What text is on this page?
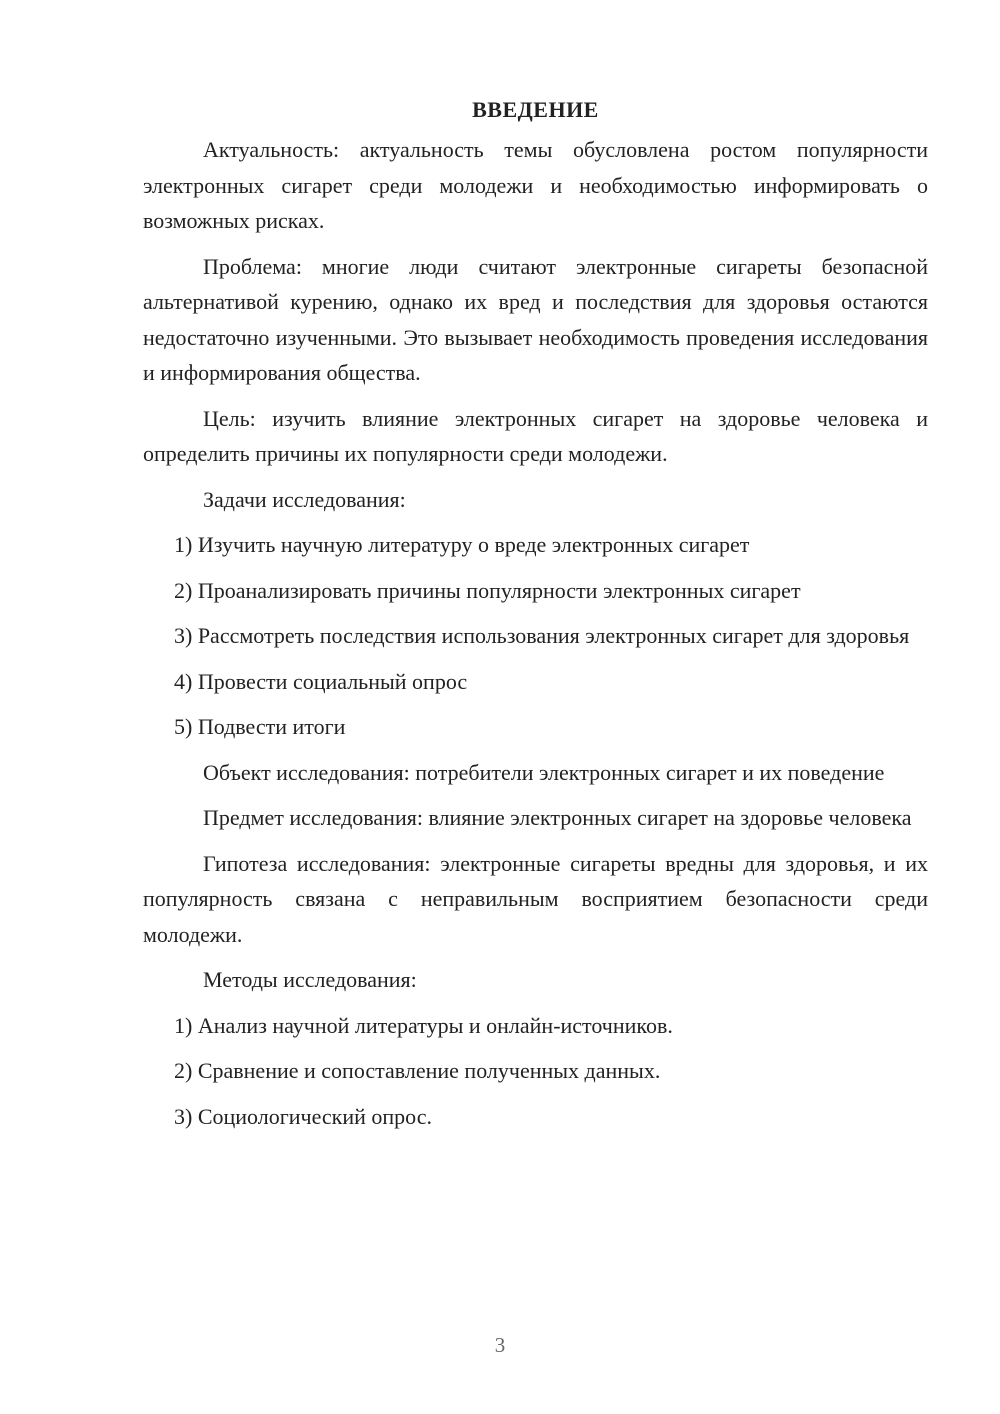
ВВЕДЕНИЕ

Актуальность: актуальность темы обусловлена ростом популярности электронных сигарет среди молодежи и необходимостью информировать о возможных рисках.

Проблема: многие люди считают электронные сигареты безопасной альтернативой курению, однако их вред и последствия для здоровья остаются недостаточно изученными. Это вызывает необходимость проведения исследования и информирования общества.

Цель: изучить влияние электронных сигарет на здоровье человека и определить причины их популярности среди молодежи.

Задачи исследования:

1) Изучить научную литературу о вреде электронных сигарет

2) Проанализировать причины популярности электронных сигарет

3) Рассмотреть последствия использования электронных сигарет для здоровья

4) Провести социальный опрос

5) Подвести итоги

Объект исследования: потребители электронных сигарет и их поведение

Предмет исследования: влияние электронных сигарет на здоровье человека

Гипотеза исследования: электронные сигареты вредны для здоровья, и их популярность связана с неправильным восприятием безопасности среди молодежи.

Методы исследования:

1) Анализ научной литературы и онлайн-источников.

2) Сравнение и сопоставление полученных данных.

3) Социологический опрос.

3
